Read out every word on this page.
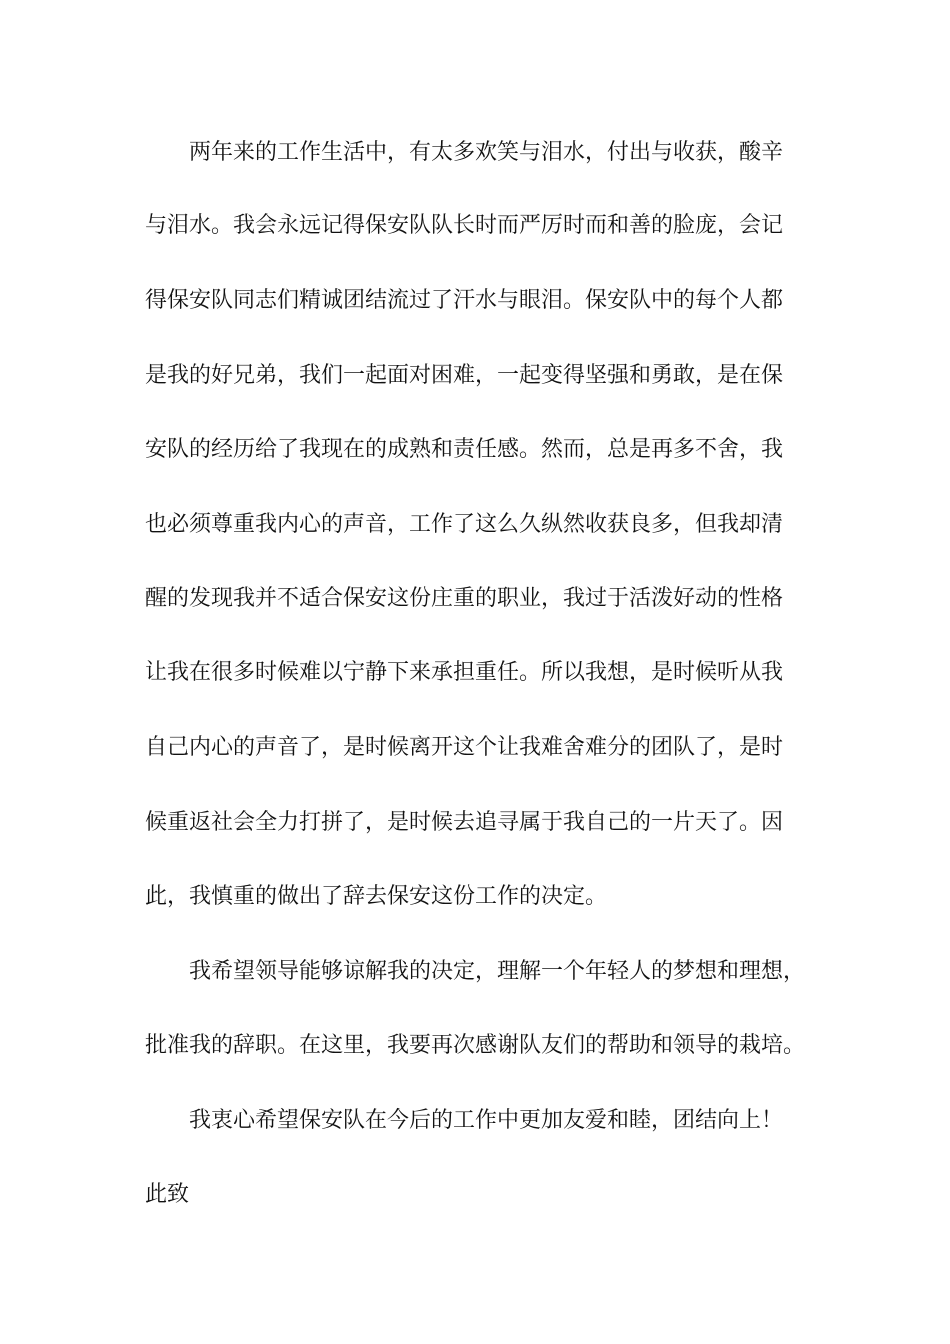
两年来的工作生活中，有太多欢笑与泪水，付出与收获，酸辛

与泪水。我会永远记得保安队队长时而严厉时而和善的脸庞，会记

得保安队同志们精诚团结流过了汗水与眼泪。保安队中的每个人都

是我的好兄弟，我们一起面对困难，一起变得坚强和勇敢，是在保

安队的经历给了我现在的成熟和责任感。然而，总是再多不舍，我

也必须尊重我内心的声音，工作了这么久纵然收获良多，但我却清

醒的发现我并不适合保安这份庄重的职业，我过于活泼好动的性格

让我在很多时候难以宁静下来承担重任。所以我想，是时候听从我

自己内心的声音了，是时候离开这个让我难舍难分的团队了，是时

候重返社会全力打拼了，是时候去追寻属于我自己的一片天了。因

此，我慎重的做出了辞去保安这份工作的决定。

我希望领导能够谅解我的决定，理解一个年轻人的梦想和理想，

批准我的辞职。在这里，我要再次感谢队友们的帮助和领导的栽培。

我衷心希望保安队在今后的工作中更加友爱和睦，团结向上！

此致
